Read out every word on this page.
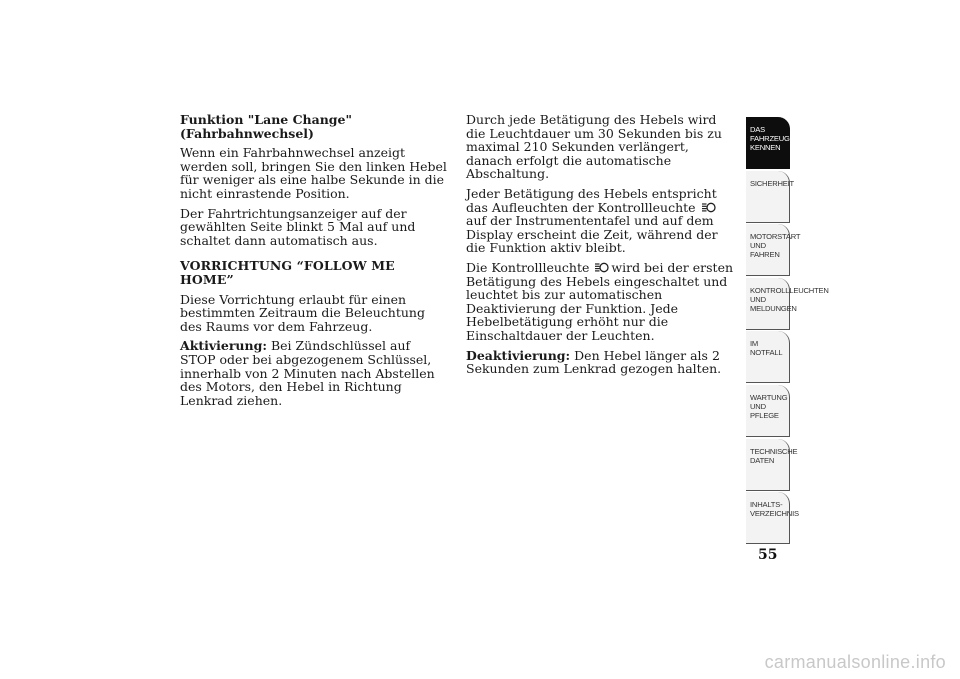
Funktion "Lane Change" (Fahrbahnwechsel)

Wenn ein Fahrbahnwechsel anzeigt werden soll, bringen Sie den linken Hebel für weniger als eine halbe Sekunde in die nicht einrastende Position.

Der Fahrtrichtungsanzeiger auf der gewählten Seite blinkt 5 Mal auf und schaltet dann automatisch aus.

VORRICHTUNG “FOLLOW ME HOME”

Diese Vorrichtung erlaubt für einen bestimmten Zeitraum die Beleuchtung des Raums vor dem Fahrzeug.

Aktivierung: Bei Zündschlüssel auf STOP oder bei abgezogenem Schlüssel, innerhalb von 2 Minuten nach Abstellen des Motors, den Hebel in Richtung Lenkrad ziehen.

Durch jede Betätigung des Hebels wird die Leuchtdauer um 30 Sekunden bis zu maximal 210 Sekunden verlängert, danach erfolgt die automatische Abschaltung.

Jeder Betätigung des Hebels entspricht das Aufleuchten der Kontrollleuchte
auf der Instrumententafel und auf dem Display erscheint die Zeit, während der die Funktion aktiv bleibt.

Die Kontrollleuchte
wird bei der ersten Betätigung des Hebels eingeschaltet und leuchtet bis zur automatischen Deaktivierung der Funktion. Jede Hebelbetätigung erhöht nur die Einschaltdauer der Leuchten.

Deaktivierung: Den Hebel länger als 2 Sekunden zum Lenkrad gezogen halten.

DAS FAHRZEUG KENNEN
SICHERHEIT
MOTORSTART UND FAHREN
KONTROLLLEUCHTEN UND MELDUNGEN
IM NOTFALL
WARTUNG UND PFLEGE
TECHNISCHE DATEN
INHALTS-VERZEICHNIS
55
carmanualsonline.info
